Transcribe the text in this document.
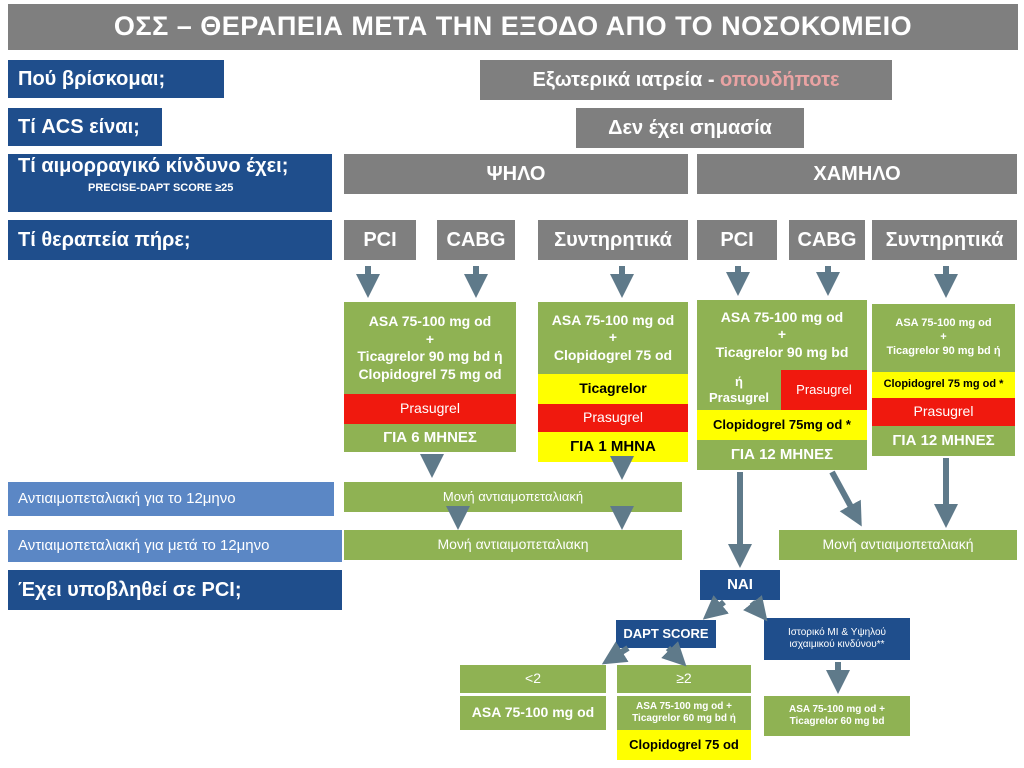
ΟΣΣ – ΘΕΡΑΠΕΙΑ ΜΕΤΑ ΤΗΝ ΕΞΟΔΟ ΑΠΟ ΤΟ ΝΟΣΟΚΟΜΕΙΟ
Πού βρίσκομαι;
Τί ACS είναι;
Τί αιμορραγικό κίνδυνο έχει;
PRECISE-DAPT SCORE ≥25
Τί θεραπεία πήρε;
Εξωτερικά ιατρεία - οπουδήποτε
Δεν έχει σημασία
ΨΗΛΟ	ΧΑΜΗΛΟ
PCI	CABG	Συντηρητικά	PCI	CABG	Συντηρητικά
ASA 75-100 mg od
+
Ticagrelor 90 mg bd ή
Clopidogrel 75 mg od
Prasugrel
ΓΙΑ 6 ΜΗΝΕΣ
ASA 75-100 mg od
+
Clopidogrel 75 od
Ticagrelor
Prasugrel
ΓΙΑ 1 ΜΗΝΑ
ASA 75-100 mg od
+
Ticagrelor 90 mg bd
ή
Prasugrel
Prasugrel
Clopidogrel 75mg od *
ΓΙΑ 12 ΜΗΝΕΣ
ASA 75-100 mg od
+
Ticagrelor 90 mg bd ή
Clopidogrel 75 mg od *
Prasugrel
ΓΙΑ 12 ΜΗΝΕΣ
Αντιαιμοπεταλιακή για το 12μηνο	Μονή αντιαιμοπεταλιακή
Αντιαιμοπεταλιακή για μετά το 12μηνο	Μονή αντιαιμοπεταλιακη	Μονή αντιαιμοπεταλιακή
Έχει υποβληθεί σε PCI;	ΝΑΙ
DAPT SCORE	Ιστορικό MI & Υψηλού
ισχαιμικού κινδύνου**
<2
ASA 75-100 mg od
≥2
ASA 75-100 mg od +
Ticagrelor 60 mg bd ή
Clopidogrel 75 od
ASA 75-100 mg od +
Ticagrelor 60 mg bd
